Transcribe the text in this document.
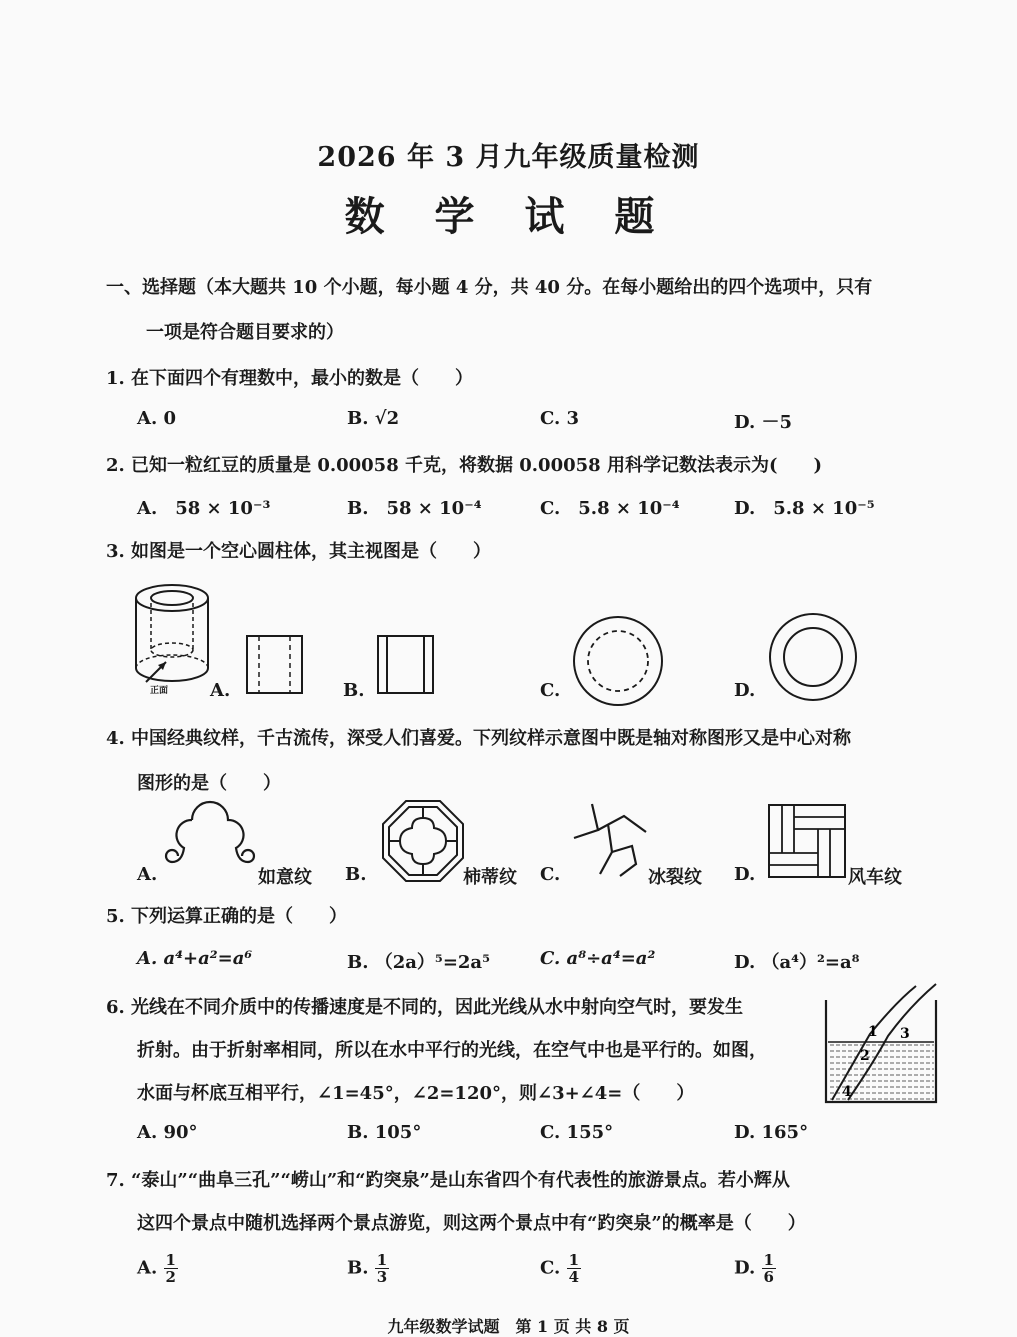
2026 年 3 月九年级质量检测
数 学 试 题
一、选择题（本大题共 10 个小题，每小题 4 分，共 40 分。在每小题给出的四个选项中，只有
一项是符合题目要求的）
1. 在下面四个有理数中，最小的数是（　　）
A. 0	B. √2	C. 3	D. －5
2. 已知一粒红豆的质量是 0.00058 千克，将数据 0.00058 用科学记数法表示为(　　)
A.　58 × 10⁻³	B.　58 × 10⁻⁴	C.　5.8 × 10⁻⁴	D.　5.8 × 10⁻⁵
3. 如图是一个空心圆柱体，其主视图是（　　）
正面 A.	B.	C.	D.
4. 中国经典纹样，千古流传，深受人们喜爱。下列纹样示意图中既是轴对称图形又是中心对称
图形的是（　　）
A.	如意纹 B.	柿蒂纹 C.	冰裂纹 D.	风车纹
5. 下列运算正确的是（　　）
A. a⁴+a²=a⁶	B. （2a）⁵=2a⁵	C. a⁸÷a⁴=a²	D. （a⁴）²=a⁸
6. 光线在不同介质中的传播速度是不同的，因此光线从水中射向空气时，要发生
折射。由于折射率相同，所以在水中平行的光线，在空气中也是平行的。如图，
水面与杯底互相平行，∠1=45°，∠2=120°，则∠3+∠4=（　　）
1
2
3
4
A. 90°	B. 105°	C. 155°	D. 165°
7. “泰山”“曲阜三孔”“崂山”和“趵突泉”是山东省四个有代表性的旅游景点。若小辉从
这四个景点中随机选择两个景点游览，则这两个景点中有“趵突泉”的概率是（　　）
A. $\frac{1}{2}$	B. $\frac{1}{3}$	C. $\frac{1}{4}$	D. $\frac{1}{6}$
九年级数学试题　第 1 页 共 8 页
